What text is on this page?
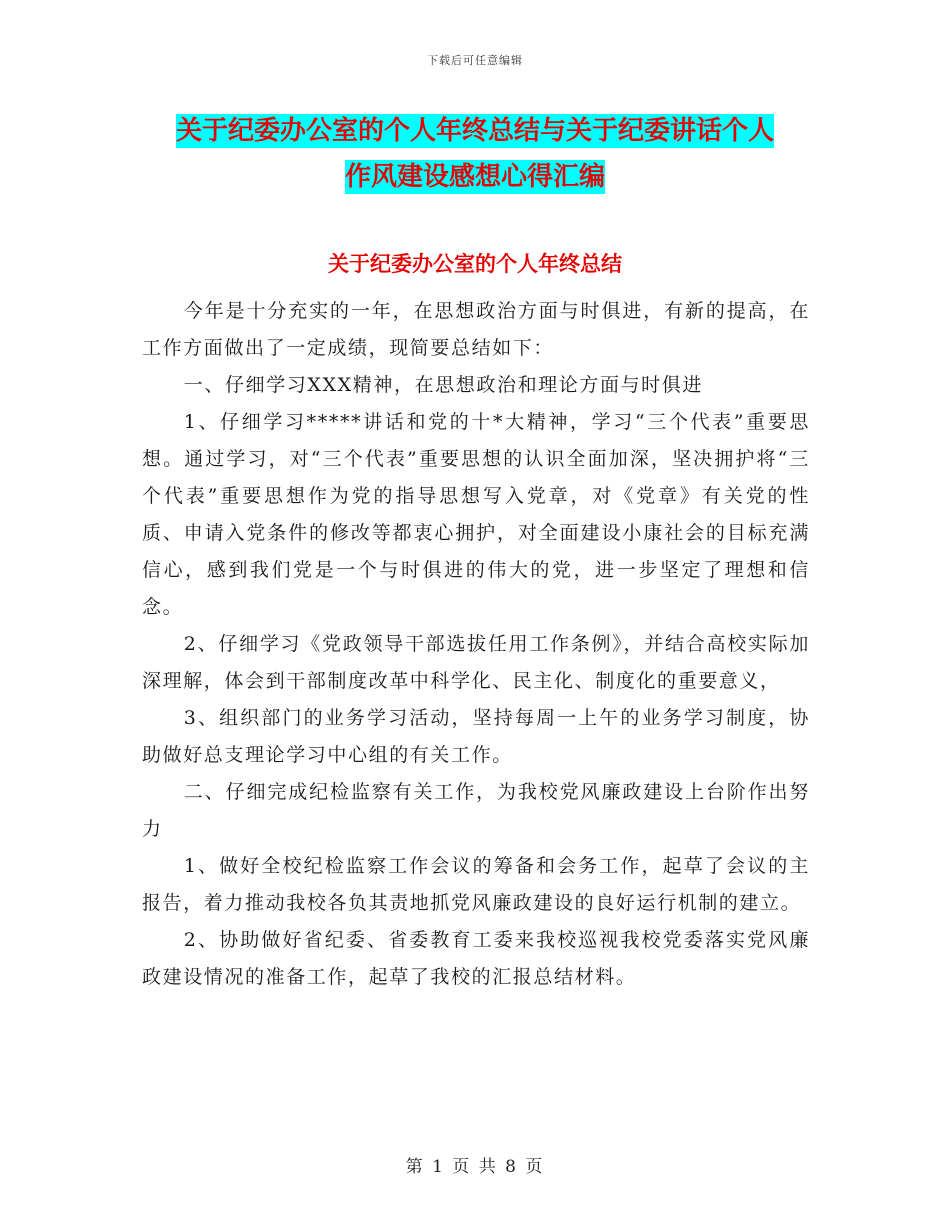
下载后可任意编辑
关于纪委办公室的个人年终总结与关于纪委讲话个人
作风建设感想心得汇编
关于纪委办公室的个人年终总结

今年是十分充实的一年，在思想政治方面与时俱进，有新的提高，在工作方面做出了一定成绩，现简要总结如下：

一、仔细学习XXX精神，在思想政治和理论方面与时俱进

1、仔细学习*****讲话和党的十*大精神，学习“三个代表”重要思想。通过学习，对“三个代表”重要思想的认识全面加深，坚决拥护将“三个代表”重要思想作为党的指导思想写入党章，对《党章》有关党的性质、申请入党条件的修改等都衷心拥护，对全面建设小康社会的目标充满信心，感到我们党是一个与时俱进的伟大的党，进一步坚定了理想和信念。

2、仔细学习《党政领导干部选拔任用工作条例》，并结合高校实际加深理解，体会到干部制度改革中科学化、民主化、制度化的重要意义，

3、组织部门的业务学习活动，坚持每周一上午的业务学习制度，协助做好总支理论学习中心组的有关工作。

二、仔细完成纪检监察有关工作，为我校党风廉政建设上台阶作出努力

1、做好全校纪检监察工作会议的筹备和会务工作，起草了会议的主报告，着力推动我校各负其责地抓党风廉政建设的良好运行机制的建立。

2、协助做好省纪委、省委教育工委来我校巡视我校党委落实党风廉政建设情况的准备工作，起草了我校的汇报总结材料。

第 1 页 共 8 页
